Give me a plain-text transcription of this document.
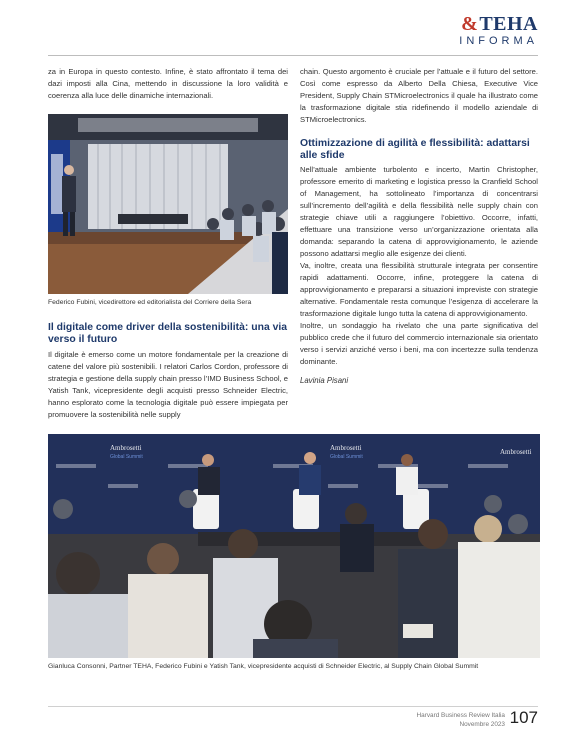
&TEHA
INFORMA

za in Europa in questo contesto. Infine, è stato affrontato il tema dei dazi imposti alla Cina, mettendo in discussione la loro validità e coerenza alla luce delle dinamiche internazionali.

Federico Fubini, vicedirettore ed editorialista del Corriere della Sera
Il digitale come driver della sostenibilità: una via verso il futuro

Il digitale è emerso come un motore fondamentale per la creazione di catene del valore più sostenibili. I relatori Carlos Cordon, professore di strategia e gestione della supply chain presso l’IMD Business School, e Yatish Tank, vicepresidente degli acquisti presso Schneider Electric, hanno esplorato come la tecnologia digitale può essere impiegata per promuovere la sostenibilità nelle supply

chain. Questo argomento è cruciale per l’attuale e il futuro del settore. Così come espresso da Alberto Della Chiesa, Executive Vice President, Supply Chain STMicroelectronics il quale ha illustrato come la trasformazione digitale stia ridefinendo il modello aziendale di STMicroelectronics.

Ottimizzazione di agilità e flessibilità: adattarsi alle sfide

Nell’attuale ambiente turbolento e incerto, Martin Christopher, professore emerito di marketing e logistica presso la Cranfield School of Management, ha sottolineato l’importanza di concentrarsi sull’incremento dell’agilità e della flessibilità nelle supply chain con strategie chiave utili a raggiungere l’obiettivo. Occorre, infatti, effettuare una transizione verso un’organizzazione orientata alla domanda: separando la catena di approvvigionamento, le aziende possono adattarsi meglio alle esigenze dei clienti.

Va, inoltre, creata una flessibilità strutturale integrata per consentire rapidi adattamenti. Occorre, infine, proteggere la catena di approvvigionamento e prepararsi a situazioni impreviste con strategie alternative. Fondamentale resta comunque l’esigenza di accelerare la trasformazione digitale lungo tutta la catena di approvvigionamento.

Inoltre, un sondaggio ha rivelato che una parte significativa del pubblico crede che il futuro del commercio internazionale sia orientato verso i servizi anziché verso i beni, ma con incertezze sulla tendenza dominante.

Lavinia Pisani
Ambrosetti	Ambrosetti	Ambrosetti
Global Summit	Global Summit
Gianluca Consonni, Partner TEHA, Federico Fubini e Yatish Tank, vicepresidente acquisti di Schneider Electric, al Supply Chain Global Summit
Harvard Business Review Italia
Novembre 2023 107
